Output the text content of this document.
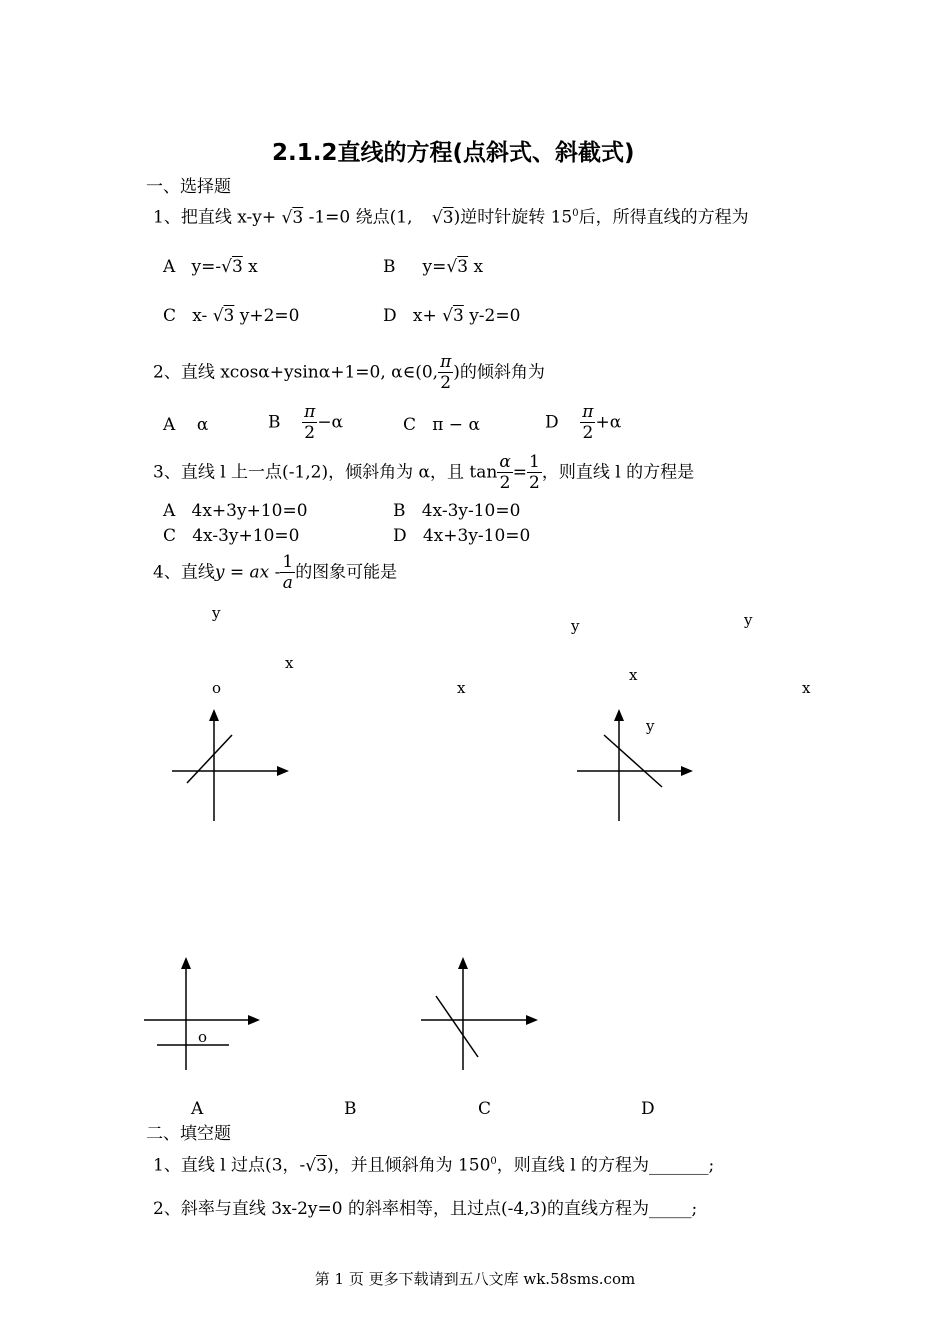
2.1.2直线的方程(点斜式、斜截式)
一、选择题
1、把直线 x-y+ √3 -1=0 绕点(1, √3)逆时针旋转 $15^0$后，所得直线的方程为
A y=-√3 x	B y=√3 x
C x- √3 y+2=0	D x+ √3 y-2=0
2、直线 xcosα+ysinα+1=0, α∈(0, $\frac{\pi}{2}$ )的倾斜角为
A α	B $\frac{\pi}{2} -\alpha$	C π − α	D $\frac{\pi}{2} +\alpha$
3、直线 l 上一点(-1,2)，倾斜角为 α，且 $\tan \frac{\alpha}{2} = \frac{1}{2}$ ，则直线 l 的方程是
A 4x+3y+10=0	B 4x-3y-10=0
C 4x-3y+10=0	D 4x+3y-10=0
4、直线y = ax - $\frac{1}{a}$ 的图象可能是
y
x
o	x
y
x
y
y
x
o
A	B	C	D
二、填空题
1、直线 l 过点(3，-√3)，并且倾斜角为 $150^0$，则直线 l 的方程为_______;
2、斜率与直线 3x-2y=0 的斜率相等，且过点(-4,3)的直线方程为_____;
第 1 页 更多下载请到五八文库 wk.58sms.com
